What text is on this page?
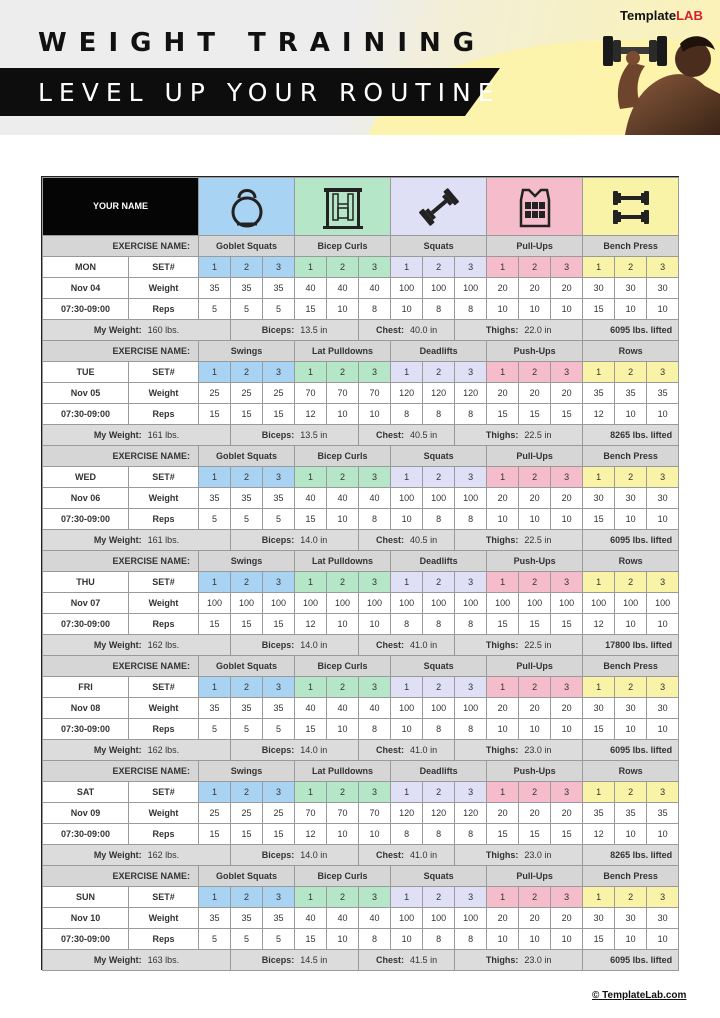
WEIGHT TRAINING
LEVEL UP YOUR ROUTINE
TemplateLAB
YOUR NAME	

EXERCISE NAME:		Goblet Squats			Bicep Curls			Squats			Pull-Ups			Bench Press		
MON	SET#	1	2	3	1	2	3	1	2	3	1	2	3	1	2	3
Nov 04	Weight	35	35	35	40	40	40	100	100	100	20	20	20	30	30	30
07:30-09:00	Reps	5	5	5	15	10	8	10	8	8	10	10	10	15	10	10
My Weight: 160 lbs.			Biceps: 13.5 in				Chest: 40.0 in			Thighs: 22.0 in				6095 lbs. lifted		
EXERCISE NAME:		Swings			Lat Pulldowns			Deadlifts			Push-Ups			Rows		
TUE	SET#	1	2	3	1	2	3	1	2	3	1	2	3	1	2	3
Nov 05	Weight	25	25	25	70	70	70	120	120	120	20	20	20	35	35	35
07:30-09:00	Reps	15	15	15	12	10	10	8	8	8	15	15	15	12	10	10
My Weight: 161 lbs.			Biceps: 13.5 in				Chest: 40.5 in			Thighs: 22.5 in				8265 lbs. lifted		
EXERCISE NAME:		Goblet Squats			Bicep Curls			Squats			Pull-Ups			Bench Press		
WED	SET#	1	2	3	1	2	3	1	2	3	1	2	3	1	2	3
Nov 06	Weight	35	35	35	40	40	40	100	100	100	20	20	20	30	30	30
07:30-09:00	Reps	5	5	5	15	10	8	10	8	8	10	10	10	15	10	10
My Weight: 161 lbs.			Biceps: 14.0 in				Chest: 40.5 in			Thighs: 22.5 in				6095 lbs. lifted		
EXERCISE NAME:		Swings			Lat Pulldowns			Deadlifts			Push-Ups			Rows		
THU	SET#	1	2	3	1	2	3	1	2	3	1	2	3	1	2	3
Nov 07	Weight	100	100	100	100	100	100	100	100	100	100	100	100	100	100	100
07:30-09:00	Reps	15	15	15	12	10	10	8	8	8	15	15	15	12	10	10
My Weight: 162 lbs.			Biceps: 14.0 in				Chest: 41.0 in			Thighs: 22.5 in				17800 lbs. lifted		
EXERCISE NAME:		Goblet Squats			Bicep Curls			Squats			Pull-Ups			Bench Press		
FRI	SET#	1	2	3	1	2	3	1	2	3	1	2	3	1	2	3
Nov 08	Weight	35	35	35	40	40	40	100	100	100	20	20	20	30	30	30
07:30-09:00	Reps	5	5	5	15	10	8	10	8	8	10	10	10	15	10	10
My Weight: 162 lbs.			Biceps: 14.0 in				Chest: 41.0 in			Thighs: 23.0 in				6095 lbs. lifted		
EXERCISE NAME:		Swings			Lat Pulldowns			Deadlifts			Push-Ups			Rows		
SAT	SET#	1	2	3	1	2	3	1	2	3	1	2	3	1	2	3
Nov 09	Weight	25	25	25	70	70	70	120	120	120	20	20	20	35	35	35
07:30-09:00	Reps	15	15	15	12	10	10	8	8	8	15	15	15	12	10	10
My Weight: 162 lbs.			Biceps: 14.0 in				Chest: 41.0 in			Thighs: 23.0 in				8265 lbs. lifted		
EXERCISE NAME:		Goblet Squats			Bicep Curls			Squats			Pull-Ups			Bench Press		
SUN	SET#	1	2	3	1	2	3	1	2	3	1	2	3	1	2	3
Nov 10	Weight	35	35	35	40	40	40	100	100	100	20	20	20	30	30	30
07:30-09:00	Reps	5	5	5	15	10	8	10	8	8	10	10	10	15	10	10
My Weight: 163 lbs.			Biceps: 14.5 in				Chest: 41.5 in			Thighs: 23.0 in				6095 lbs. lifted		
© TemplateLab.com
